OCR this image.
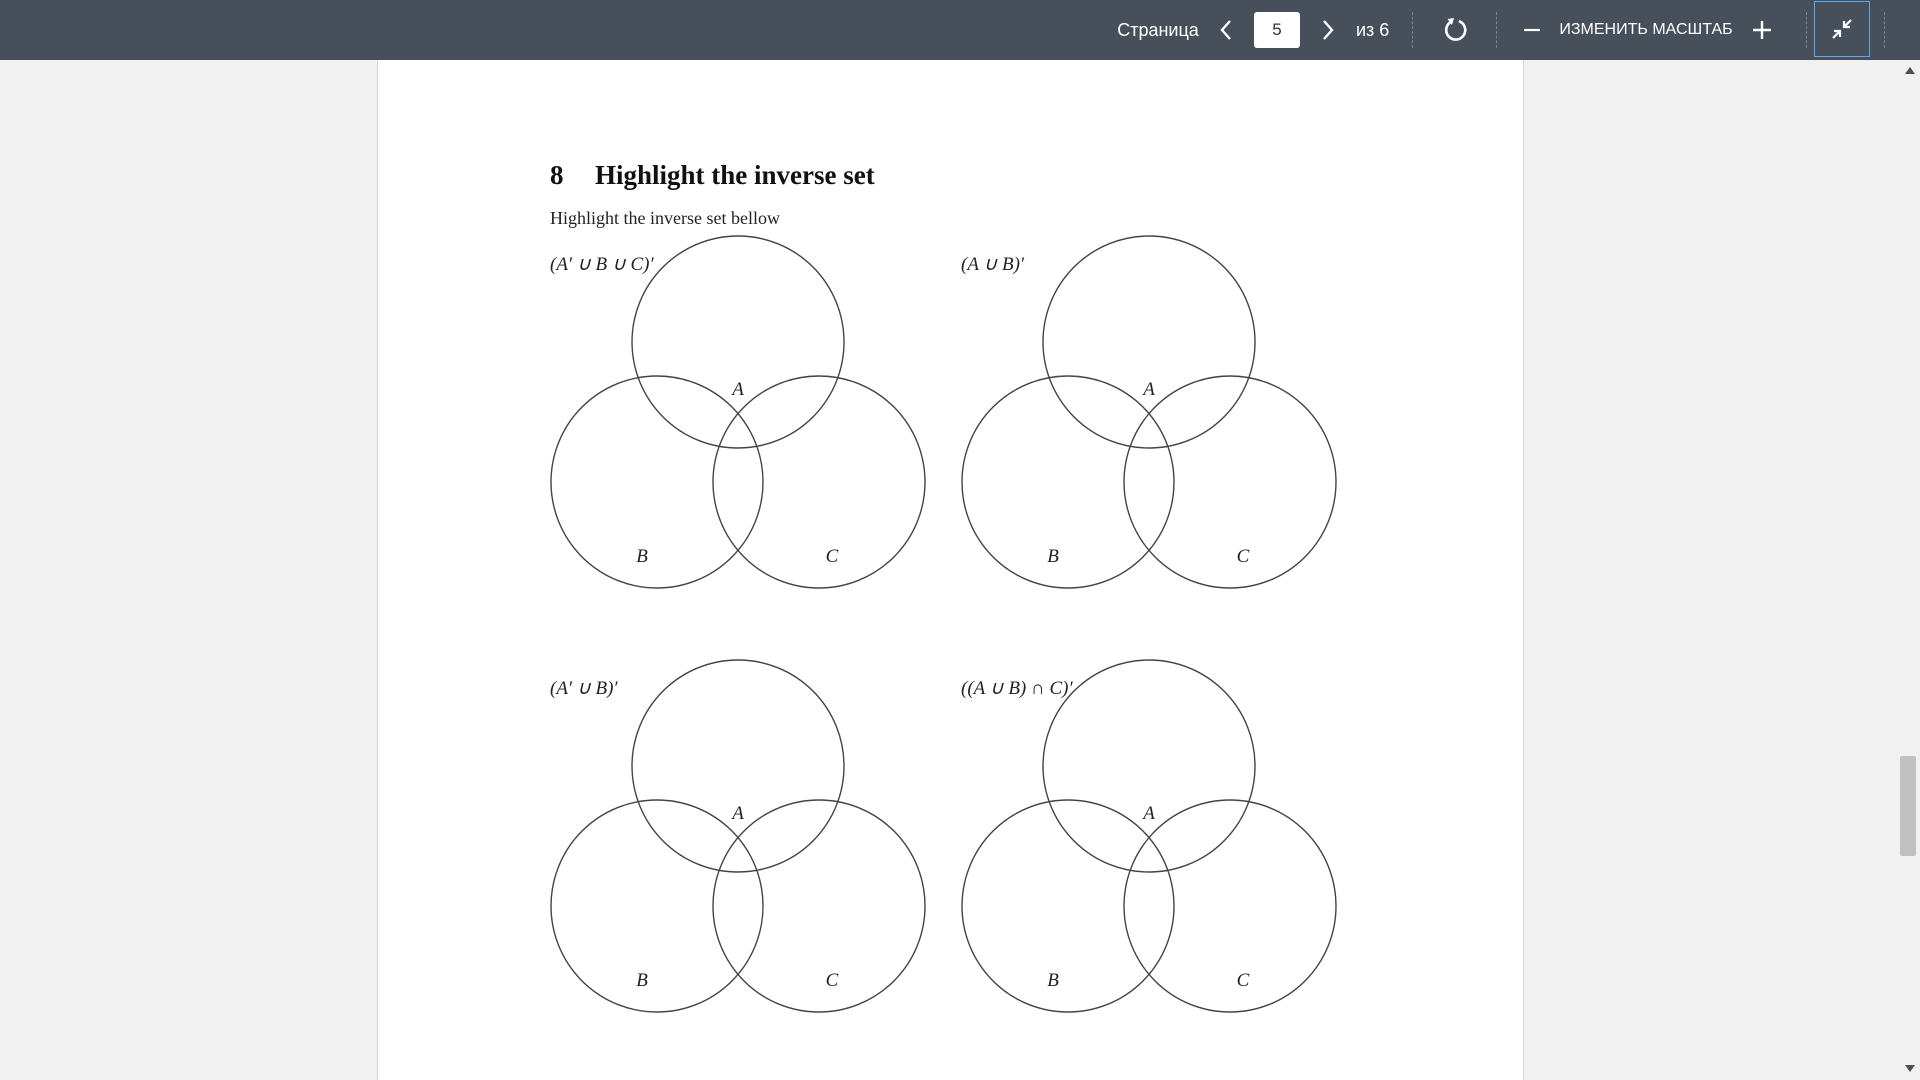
Страница
5	из 6	ИЗМЕНИТЬ МАСШТАБ
8 Highlight the inverse set
Highlight the inverse set bellow
(A′ ∪ B ∪ C)′
A
B	C
(A ∪ B)′
A
B	C
(A′ ∪ B)′
A
B	C
((A ∪ B) ∩ C)′
A
B	C
